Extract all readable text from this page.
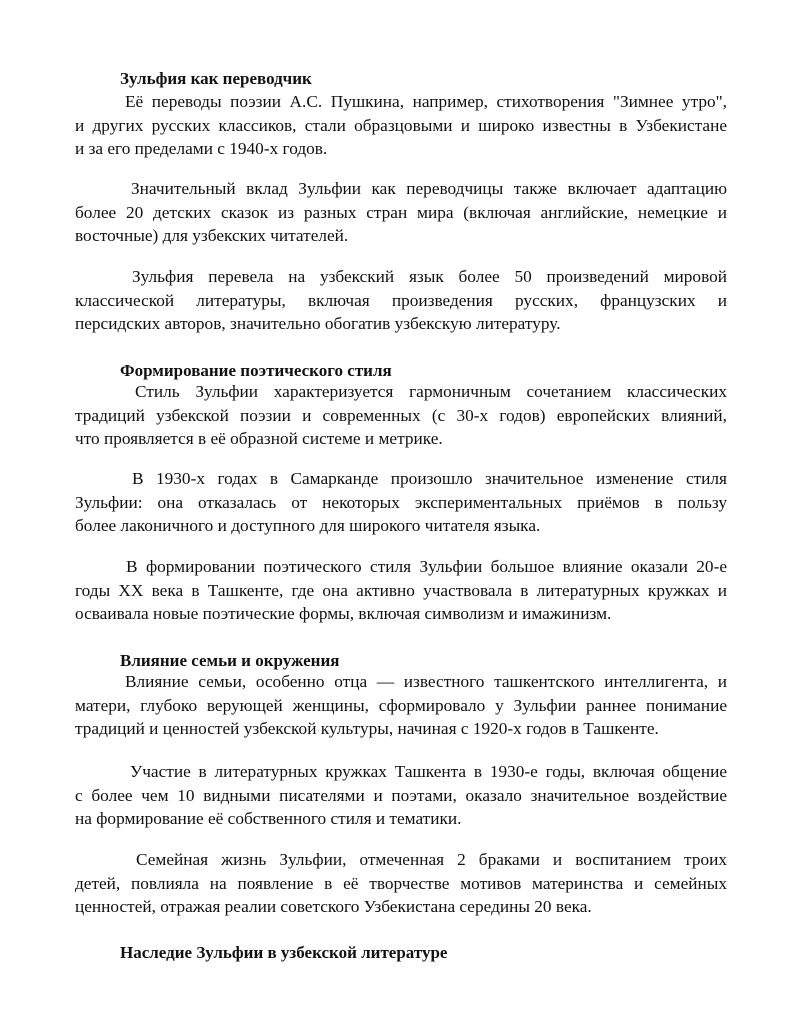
Зульфия как переводчик

Её переводы поэзии А.С. Пушкина, например, стихотворения "Зимнее утро",
и других русских классиков, стали образцовыми и широко известны в Узбекистане
и за его пределами с 1940-х годов.

Значительный вклад Зульфии как переводчицы также включает адаптацию
более 20 детских сказок из разных стран мира (включая английские, немецкие и
восточные) для узбекских читателей.

Зульфия перевела на узбекский язык более 50 произведений мировой
классической литературы, включая произведения русских, французских и
персидских авторов, значительно обогатив узбекскую литературу.

Формирование поэтического стиля

Стиль Зульфии характеризуется гармоничным сочетанием классических
традиций узбекской поэзии и современных (с 30-х годов) европейских влияний,
что проявляется в её образной системе и метрике.

В 1930-х годах в Самарканде произошло значительное изменение стиля
Зульфии: она отказалась от некоторых экспериментальных приёмов в пользу
более лаконичного и доступного для широкого читателя языка.

В формировании поэтического стиля Зульфии большое влияние оказали 20-е
годы XX века в Ташкенте, где она активно участвовала в литературных кружках и
осваивала новые поэтические формы, включая символизм и имажинизм.

Влияние семьи и окружения

Влияние семьи, особенно отца — известного ташкентского интеллигента, и
матери, глубоко верующей женщины, сформировало у Зульфии раннее понимание
традиций и ценностей узбекской культуры, начиная с 1920-х годов в Ташкенте.

Участие в литературных кружках Ташкента в 1930-е годы, включая общение
с более чем 10 видными писателями и поэтами, оказало значительное воздействие
на формирование её собственного стиля и тематики.

Семейная жизнь Зульфии, отмеченная 2 браками и воспитанием троих
детей, повлияла на появление в её творчестве мотивов материнства и семейных
ценностей, отражая реалии советского Узбекистана середины 20 века.

Наследие Зульфии в узбекской литературе
